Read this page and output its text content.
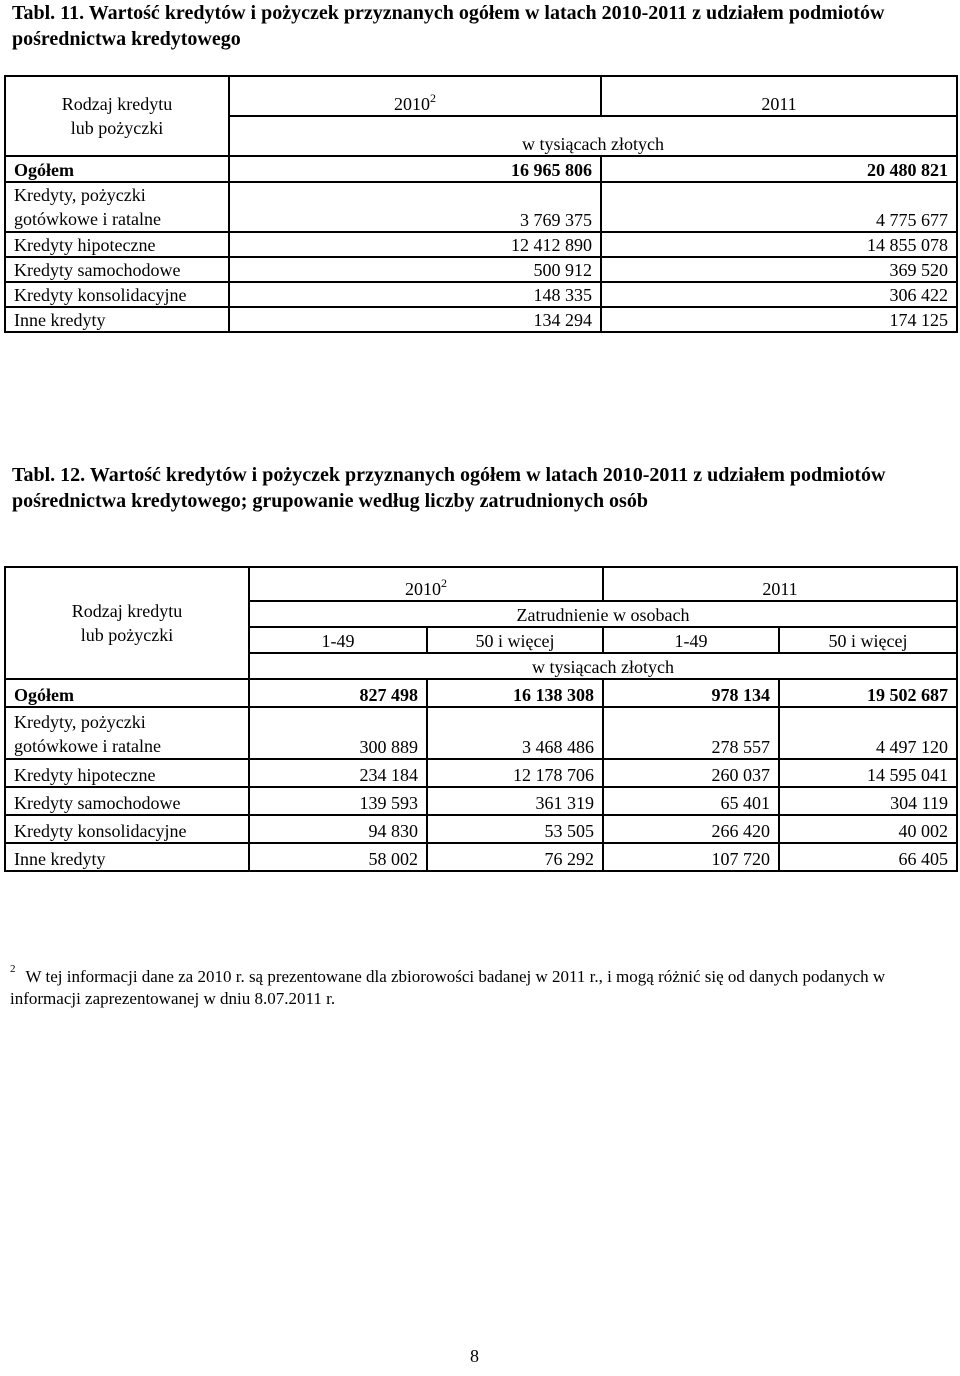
Tabl. 11. Wartość kredytów i pożyczek przyznanych ogółem w latach 2010-2011 z udziałem podmiotów pośrednictwa kredytowego
Rodzaj kredytu
lub pożyczki	2010$^2$	2011
	w tysiącach złotych	
Ogółem	16 965 806	20 480 821

Kredyty, pożyczki
gotówkowe i ratalne	3 769 375	4 775 677
Kredyty hipoteczne	12 412 890	14 855 078
Kredyty samochodowe	500 912	369 520
Kredyty konsolidacyjne	148 335	306 422
Inne kredyty	134 294	174 125
Tabl. 12. Wartość kredytów i pożyczek przyznanych ogółem w latach 2010-2011 z udziałem podmiotów pośrednictwa kredytowego; grupowanie według liczby zatrudnionych osób
Rodzaj kredytu
lub pożyczki	2010$^2$		2011	
	Zatrudnienie w osobach			
	1-49	50 i więcej	1-49	50 i więcej
	w tysiącach złotych			
Ogółem	827 498	16 138 308	978 134	19 502 687

Kredyty, pożyczki
gotówkowe i ratalne	300 889	3 468 486	278 557	4 497 120
Kredyty hipoteczne	234 184	12 178 706	260 037	14 595 041
Kredyty samochodowe	139 593	361 319	65 401	304 119
Kredyty konsolidacyjne	94 830	53 505	266 420	40 002
Inne kredyty	58 002	76 292	107 720	66 405
$^2$ W tej informacji dane za 2010 r. są prezentowane dla zbiorowości badanej w 2011 r., i mogą różnić się od danych podanych w informacji zaprezentowanej w dniu 8.07.2011 r.
8
